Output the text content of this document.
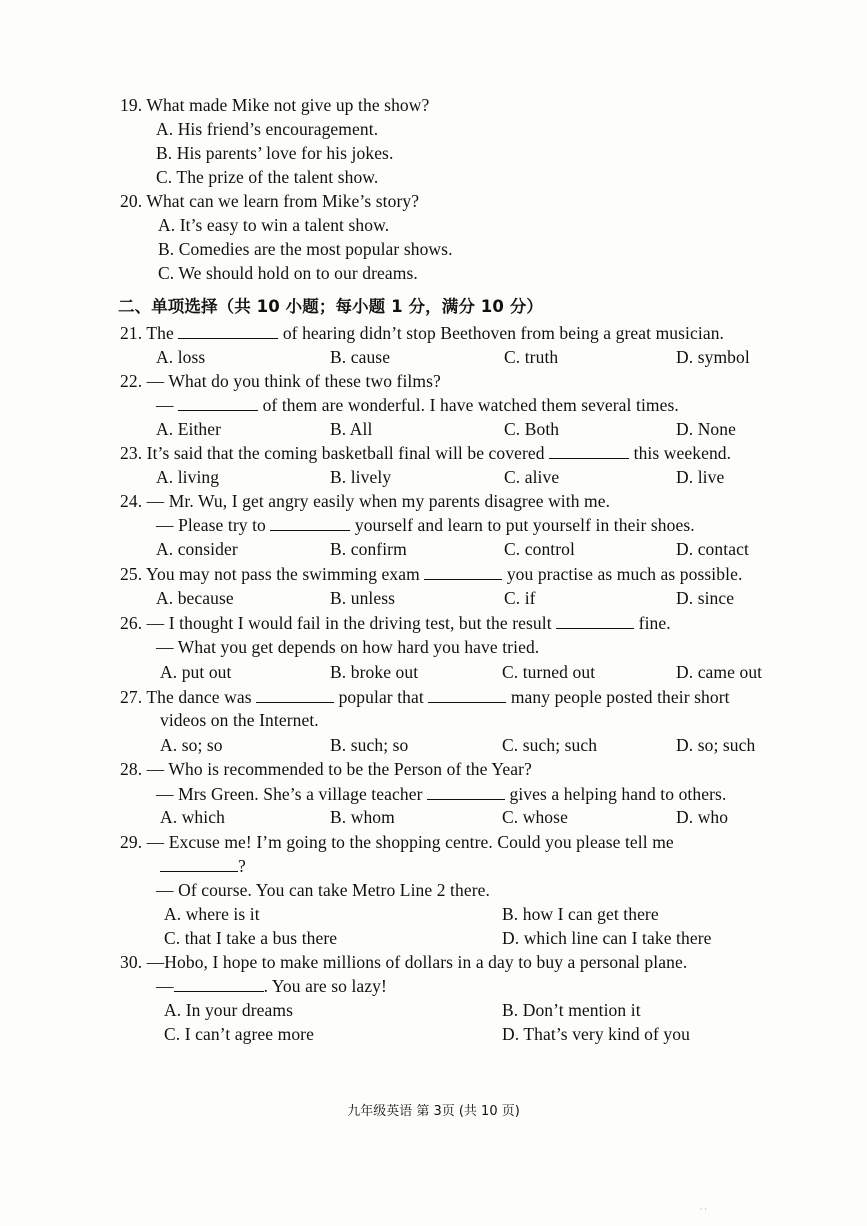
19. What made Mike not give up the show?
A. His friend’s encouragement.
B. His parents’ love for his jokes.
C. The prize of the talent show.
20. What can we learn from Mike’s story?
A. It’s easy to win a talent show.
B. Comedies are the most popular shows.
C. We should hold on to our dreams.
二、单项选择（共 10 小题；每小题 1 分，满分 10 分）
21. The	of hearing didn’t stop Beethoven from being a great musician.
A. loss	B. cause	C. truth	D. symbol
22. — What do you think of these two films?
—	of them are wonderful. I have watched them several times.
A. Either	B. All	C. Both	D. None
23. It’s said that the coming basketball final will be covered	this weekend.
A. living	B. lively	C. alive	D. live
24. — Mr. Wu, I get angry easily when my parents disagree with me.
— Please try to	yourself and learn to put yourself in their shoes.
A. consider	B. confirm	C. control	D. contact
25. You may not pass the swimming exam	you practise as much as possible.
A. because	B. unless	C. if	D. since
26. — I thought I would fail in the driving test, but the result	fine.
— What you get depends on how hard you have tried.
A. put out	B. broke out	C. turned out	D. came out
27. The dance was	popular that	many people posted their short
videos on the Internet.
A. so; so	B. such; so	C. such; such	D. so; such
28. — Who is recommended to be the Person of the Year?
— Mrs Green. She’s a village teacher	gives a helping hand to others.
A. which	B. whom	C. whose	D. who
29. — Excuse me! I’m going to the shopping centre. Could you please tell me
?
— Of course. You can take Metro Line 2 there.
A. where is it	B. how I can get there
C. that I take a bus there	D. which line can I take there
30. —Hobo, I hope to make millions of dollars in a day to buy a personal plane.
—	. You are so lazy!
A. In your dreams	B. Don’t mention it
C. I can’t agree more	D. That’s very kind of you
九年级英语 第 3页 (共 10 页)
· ·
